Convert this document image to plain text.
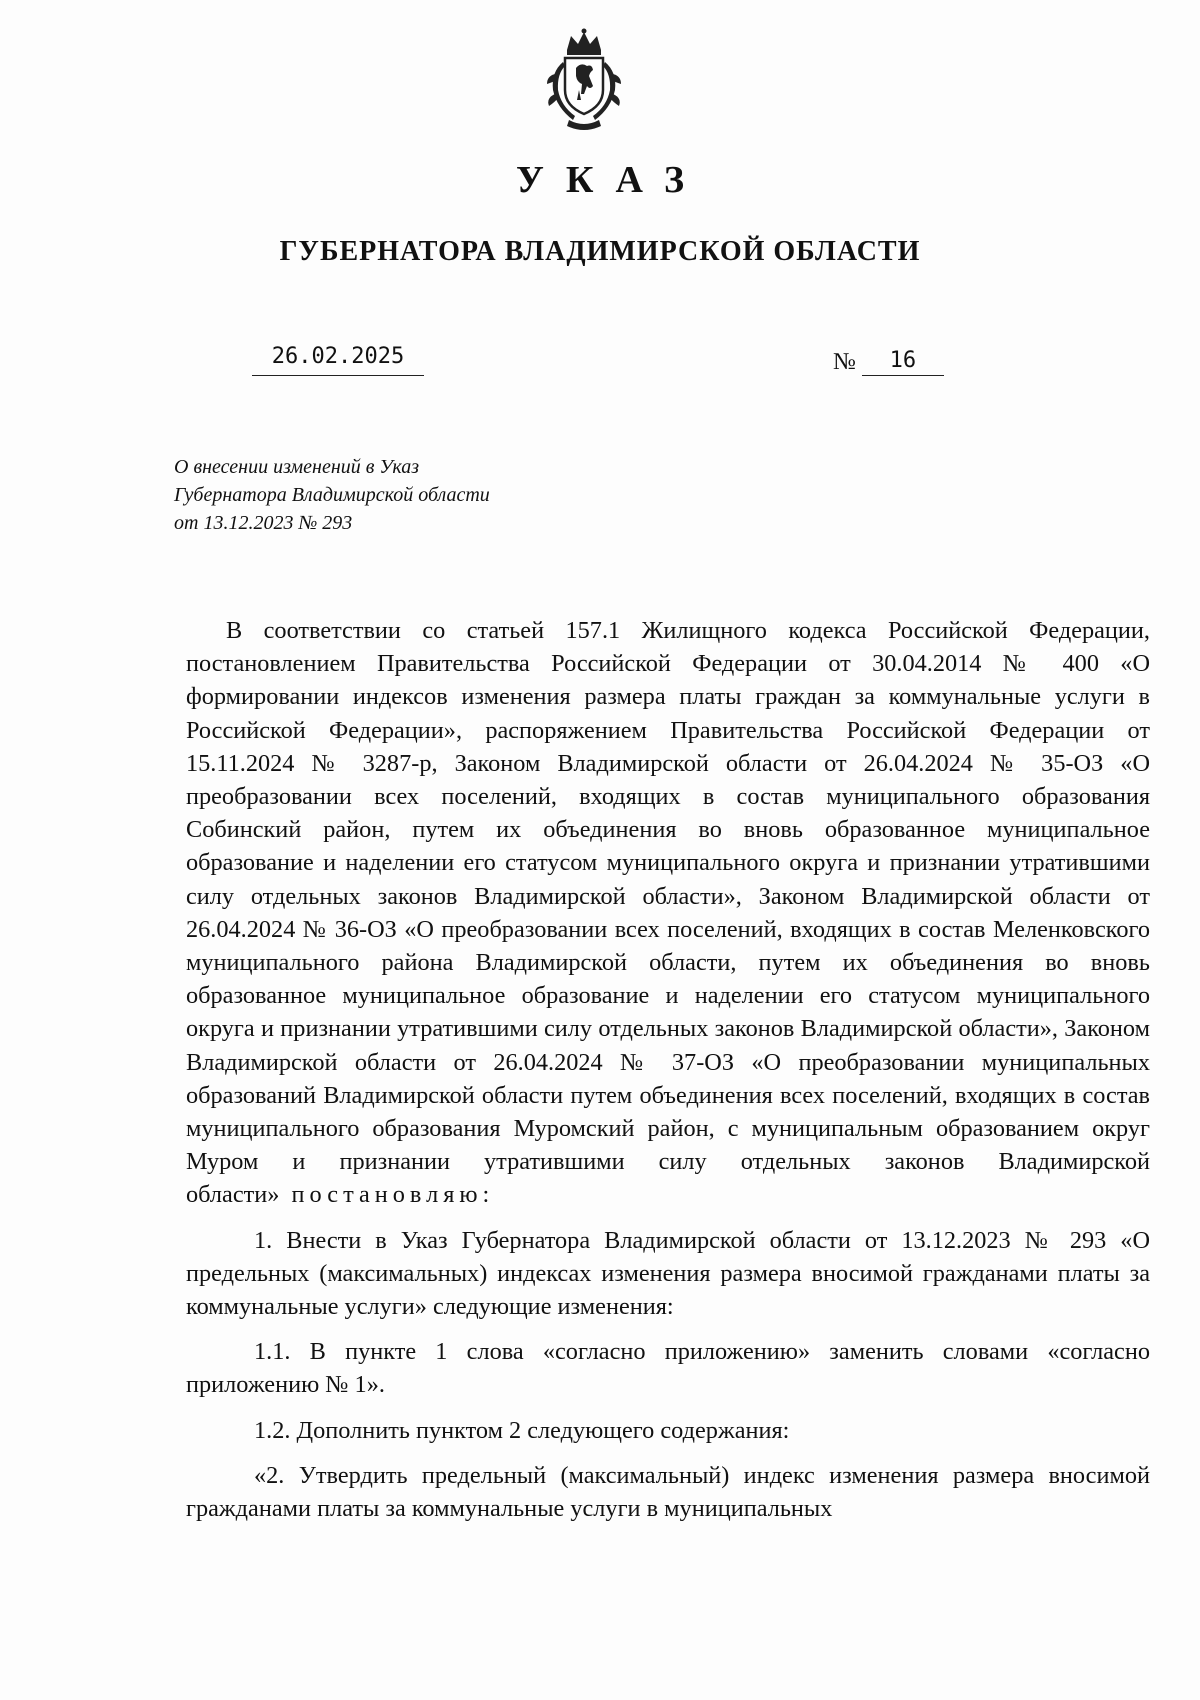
УКАЗ
ГУБЕРНАТОРА ВЛАДИМИРСКОЙ ОБЛАСТИ
26.02.2025	№	16
О внесении изменений в Указ
Губернатора Владимирской области
от 13.12.2023 № 293

В соответствии со статьей 157.1 Жилищного кодекса Российской Федерации, постановлением Правительства Российской Федерации от 30.04.2014 № 400 «О формировании индексов изменения размера платы граждан за коммунальные услуги в Российской Федерации», распоряжением Правительства Российской Федерации от 15.11.2024 № 3287-р, Законом Владимирской области от 26.04.2024 № 35-ОЗ «О преобразовании всех поселений, входящих в состав муниципального образования Собинский район, путем их объединения во вновь образованное муниципальное образование и наделении его статусом муниципального округа и признании утратившими силу отдельных законов Владимирской области», Законом Владимирской области от 26.04.2024 № 36-ОЗ «О преобразовании всех поселений, входящих в состав Меленковского муниципального района Владимирской области, путем их объединения во вновь образованное муниципальное образование и наделении его статусом муниципального округа и признании утратившими силу отдельных законов Владимирской области», Законом Владимирской области от 26.04.2024 № 37-ОЗ «О преобразовании муниципальных образований Владимирской области путем объединения всех поселений, входящих в состав муниципального образования Муромский район, с муниципальным образованием округ Муром и признании утратившими силу отдельных законов Владимирской области» постановляю:

1. Внести в Указ Губернатора Владимирской области от 13.12.2023 № 293 «О предельных (максимальных) индексах изменения размера вносимой гражданами платы за коммунальные услуги» следующие изменения:

1.1. В пункте 1 слова «согласно приложению» заменить словами «согласно приложению № 1».

1.2. Дополнить пунктом 2 следующего содержания:

«2. Утвердить предельный (максимальный) индекс изменения размера вносимой гражданами платы за коммунальные услуги в муниципальных
